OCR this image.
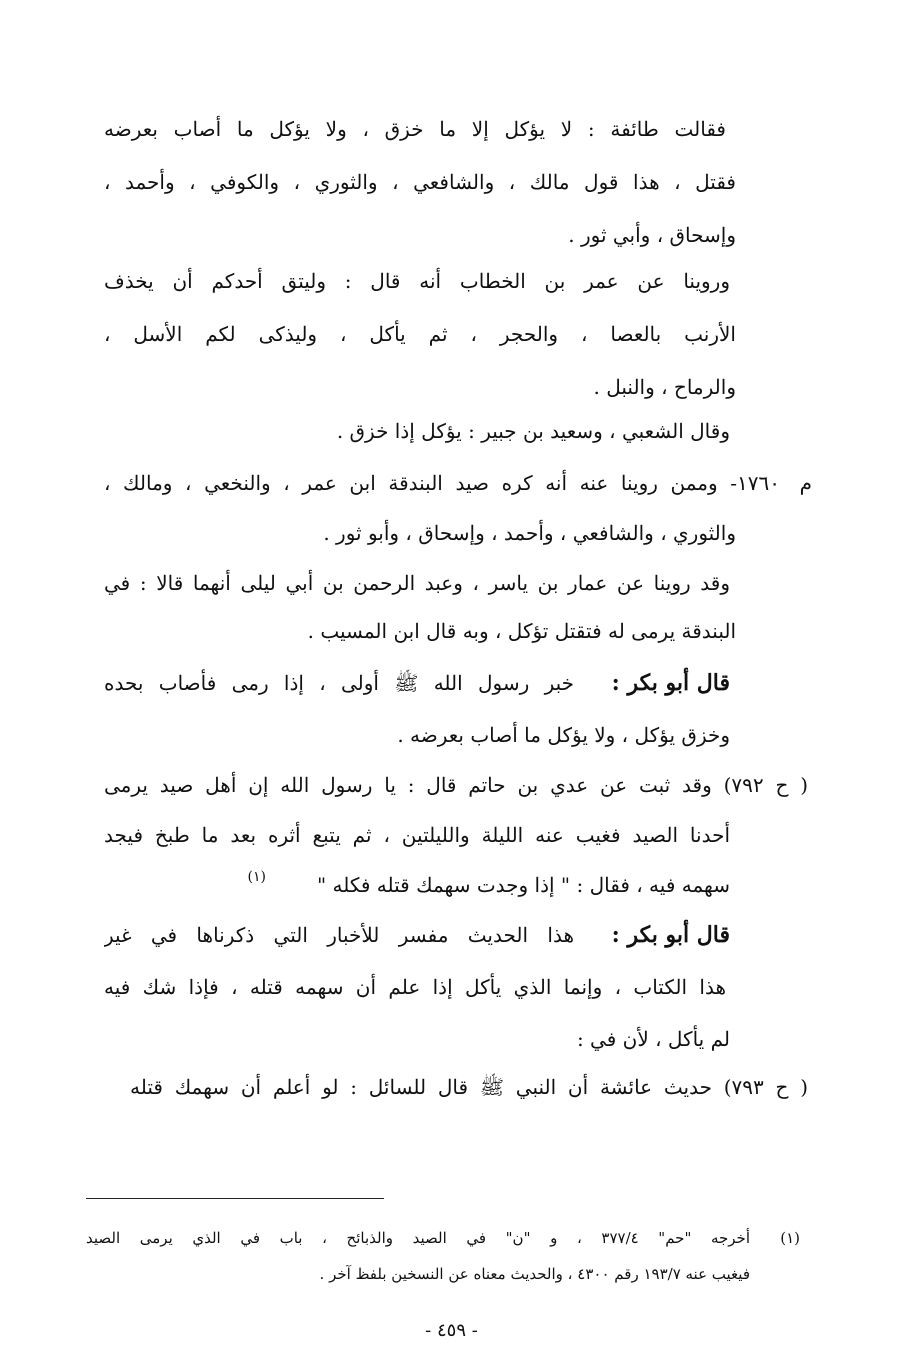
فقالت طائفة : لا يؤكل إلا ما خزق ، ولا يؤكل ما أصاب بعرضه
فقتل ، هذا قول مالك ، والشافعي ، والثوري ، والكوفي ، وأحمد ،
وإسحاق ، وأبي ثور .
وروينا عن عمر بن الخطاب أنه قال : وليتق أحدكم أن يخذف
الأرنب بالعصا ، والحجر ، ثم يأكل ، وليذكى لكم الأسل ،
والرماح ، والنبل .
وقال الشعبي ، وسعيد بن جبير : يؤكل إذا خزق .
م
١٧٦٠- وممن روينا عنه أنه كره صيد البندقة ابن عمر ، والنخعي ، ومالك ،
والثوري ، والشافعي ، وأحمد ، وإسحاق ، وأبو ثور .
وقد روينا عن عمار بن ياسر ، وعبد الرحمن بن أبي ليلى أنهما قالا : في
البندقة يرمى له فتقتل تؤكل ، وبه قال ابن المسيب .
قال أبو بكر :
خبر رسول الله ﷺ أولى ، إذا رمى فأصاب بحده
وخزق يؤكل ، ولا يؤكل ما أصاب بعرضه .
( ح ٧٩٢) وقد ثبت عن عدي بن حاتم قال : يا رسول الله إن أهل صيد يرمى
أحدنا الصيد فغيب عنه الليلة والليلتين ، ثم يتبع أثره بعد ما طبخ فيجد
سهمه فيه ، فقال : " إذا وجدت سهمك قتله فكله "
(١)
قال أبو بكر :
هذا الحديث مفسر للأخبار التي ذكرناها في غير
هذا الكتاب ، وإنما الذي يأكل إذا علم أن سهمه قتله ، فإذا شك فيه
لم يأكل ، لأن في :
( ح ٧٩٣) حديث عائشة أن النبي ﷺ قال للسائل : لو أعلم أن سهمك قتله
(١)
أخرجه "حم" ٣٧٧/٤ ، و "ن" في الصيد والذبائح ، باب في الذي يرمى الصيد
فيغيب عنه ١٩٣/٧ رقم ٤٣٠٠ ، والحديث معناه عن النسخين بلفظ آخر .
- ٤٥٩ -
